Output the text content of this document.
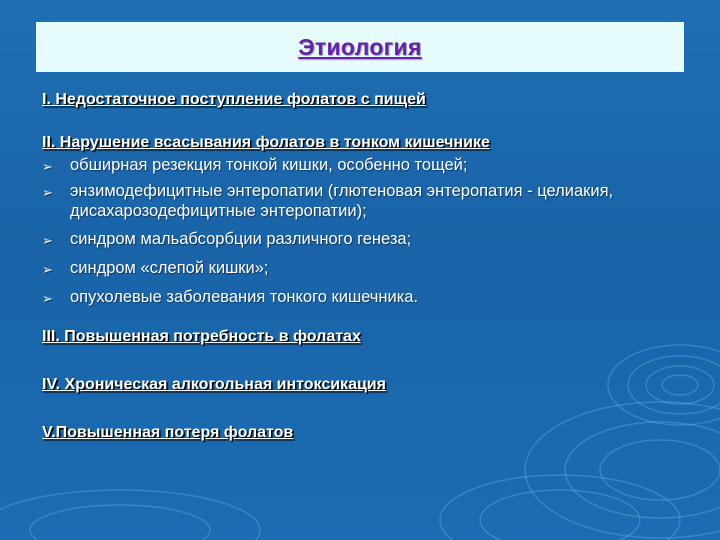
Этиология

I. Недостаточное поступление фолатов с пищей

II. Нарушение всасывания фолатов в тонком кишечнике

➢ обширная резекция тонкой кишки, особенно тощей;
➢ энзимодефицитные энтеропатии (глютеновая энтеропатия - целиакия, дисахарозодефицитные энтеропатии);
➢ синдром мальабсорбции различного генеза;
➢ синдром «слепой кишки»;
➢ опухолевые заболевания тонкого кишечника.

III. Повышенная потребность в фолатах

IV. Хроническая алкогольная интоксикация

V.Повышенная потеря фолатов
